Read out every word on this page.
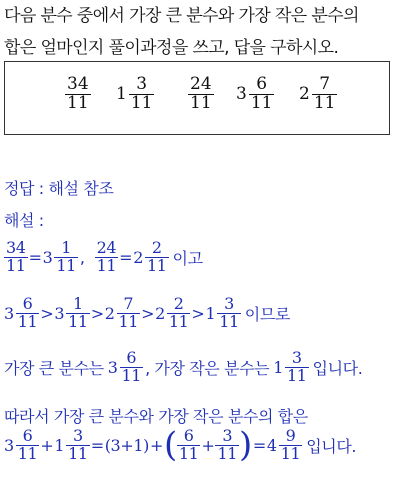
다음 분수 중에서 가장 큰 분수와 가장 작은 분수의
합은 얼마인지 풀이과정을 쓰고, 답을 구하시오.
$\frac{34}{11} 1 \frac{3}{11} \frac{24}{11} 3 \frac{6}{11} 2 \frac{7}{11}$
정답 : 해설 참조
해설 :
$\frac{34}{11} = 3 \frac{1}{11}$ , $\frac{24}{11} = 2 \frac{2}{11}$ 이고
$3 \frac{6}{11} > 3 \frac{1}{11} > 2 \frac{7}{11} > 2 \frac{2}{11} > 1 \frac{3}{11}$ 이므로
가장 큰 분수는 $3 \frac{6}{11}$ , 가장 작은 분수는 $1 \frac{3}{11}$ 입니다.
따라서 가장 큰 분수와 가장 작은 분수의 합은
$3 \frac{6}{11} + 1 \frac{3}{11} = (3+1)$ + ( $\frac{6}{11} + \frac{3}{11}$ ) = $4 \frac{9}{11}$ 입니다.
